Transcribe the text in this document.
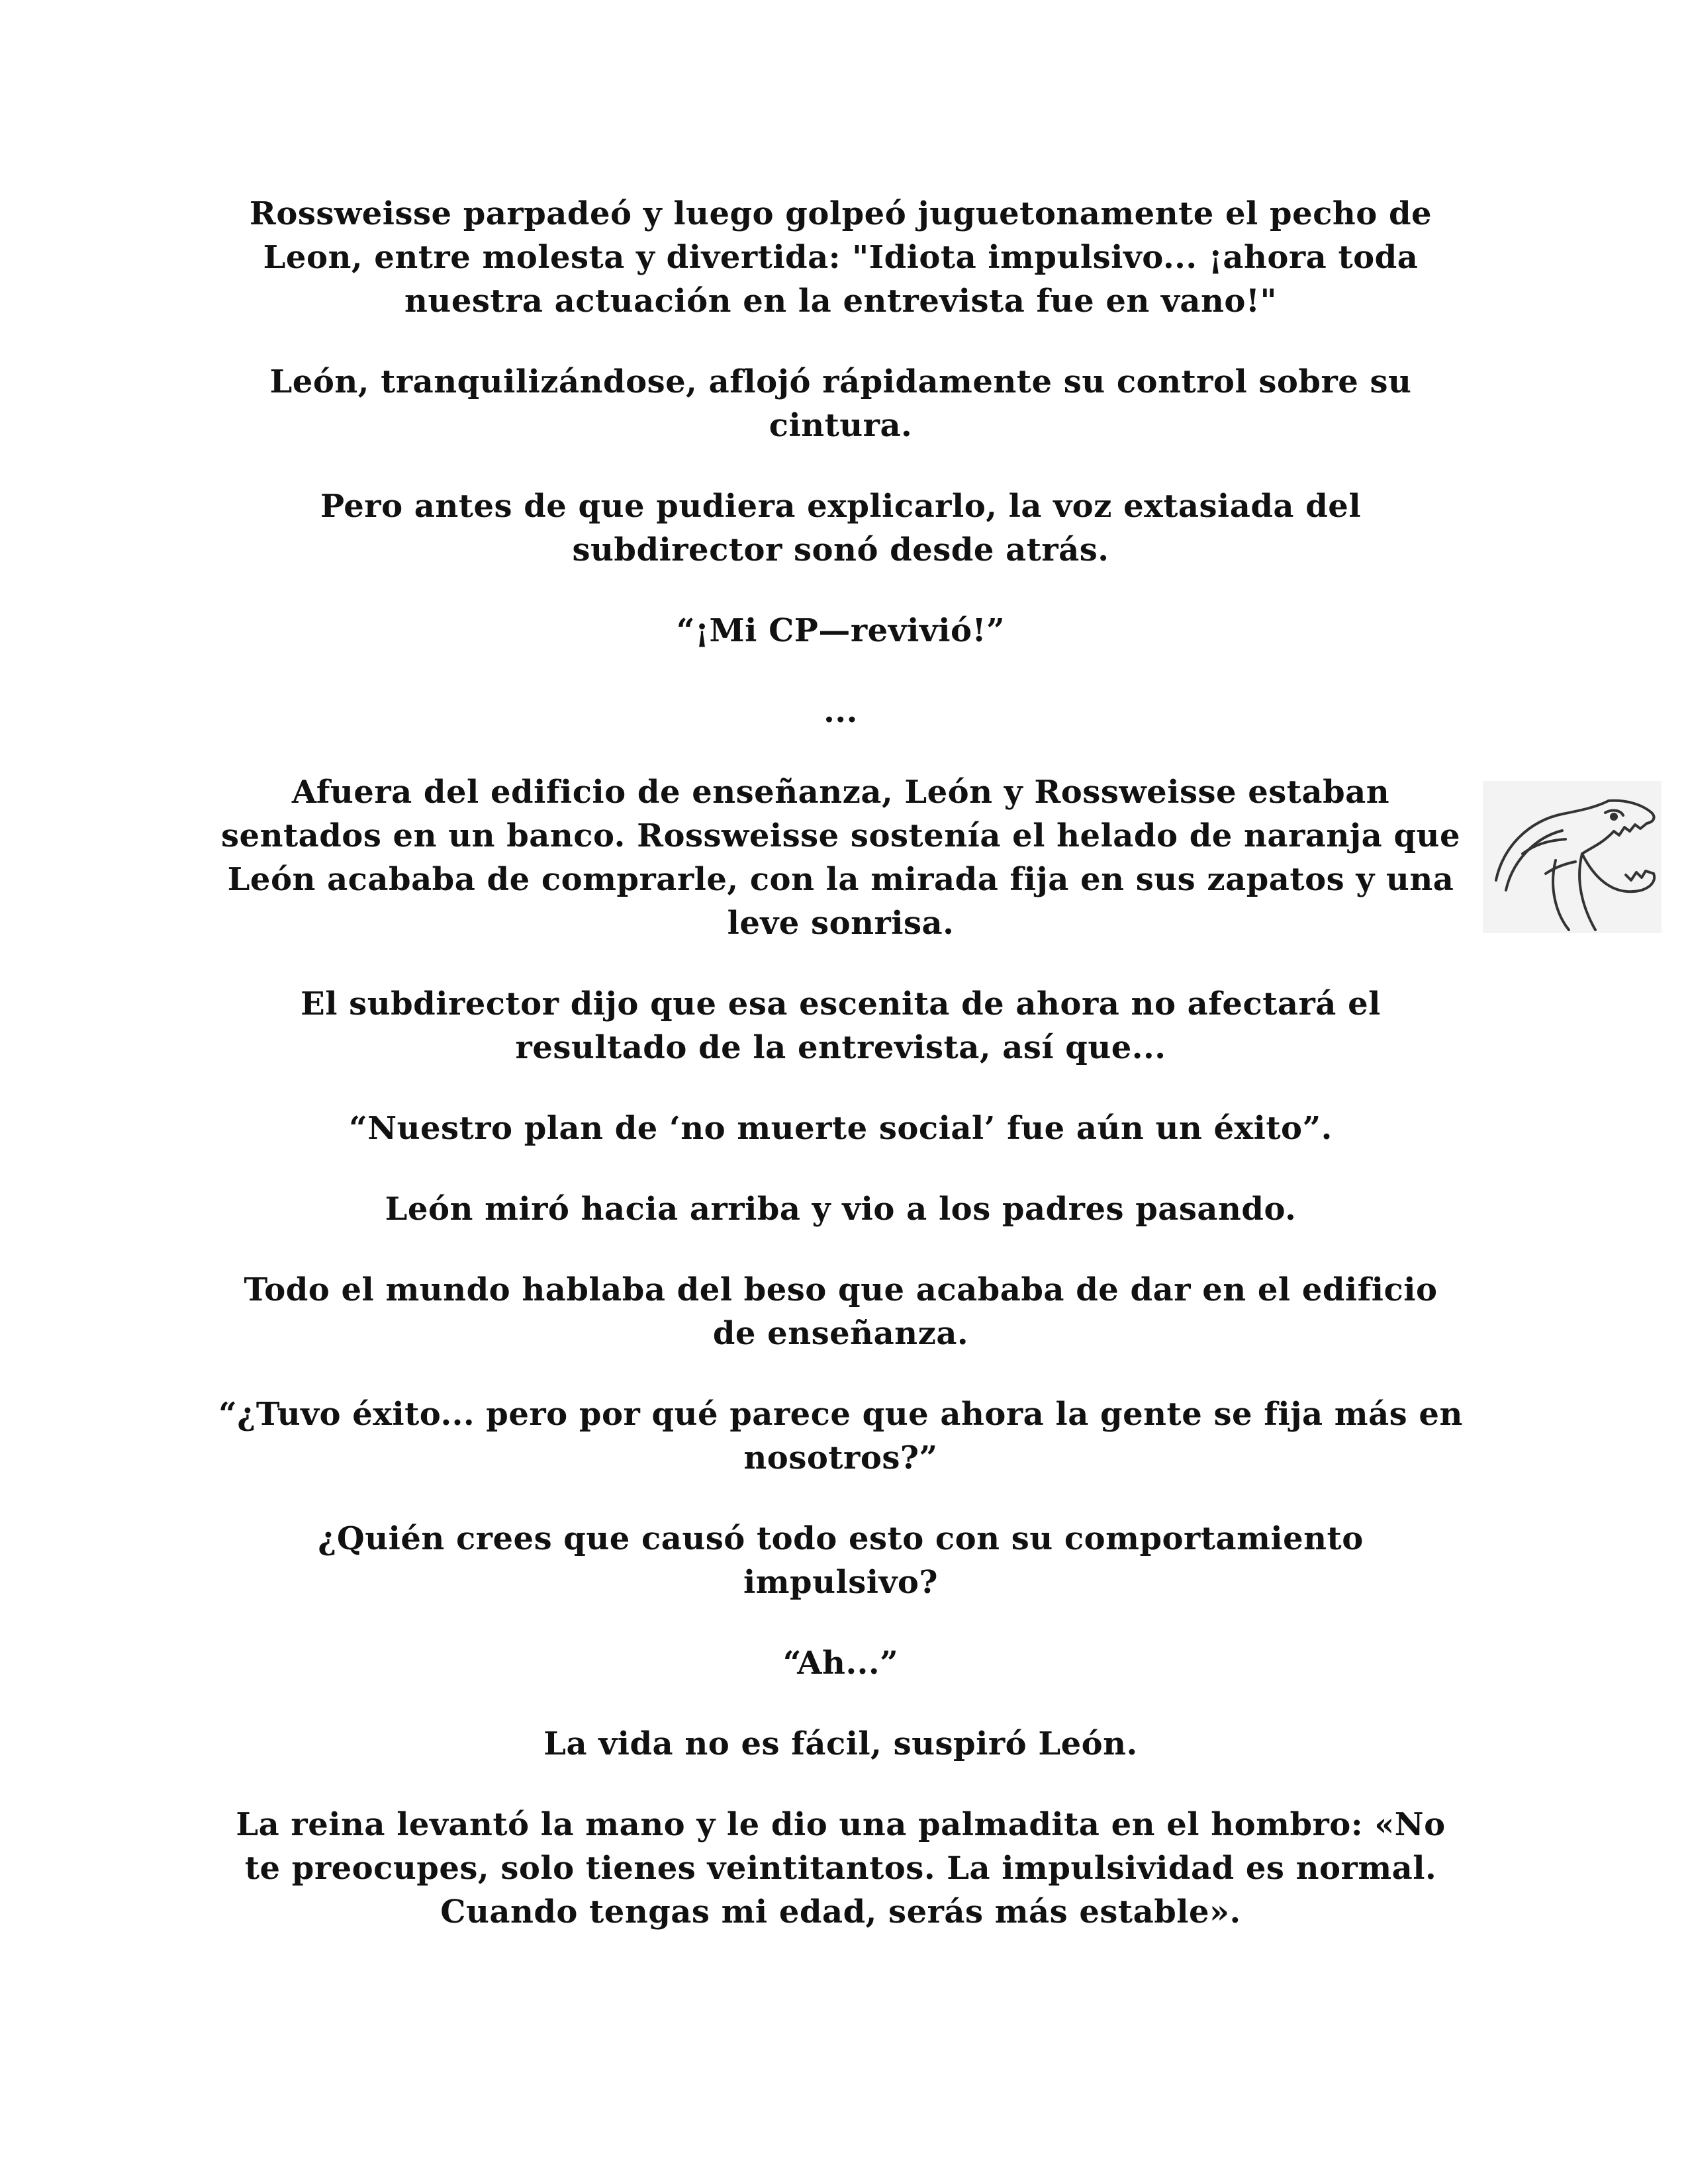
Rossweisse parpadeó y luego golpeó juguetonamente el pecho de Leon, entre molesta y divertida: "Idiota impulsivo... ¡ahora toda nuestra actuación en la entrevista fue en vano!"

León, tranquilizándose, aflojó rápidamente su control sobre su cintura.

Pero antes de que pudiera explicarlo, la voz extasiada del subdirector sonó desde atrás.

“¡Mi CP—revivió!”

...

Afuera del edificio de enseñanza, León y Rossweisse estaban sentados en un banco. Rossweisse sostenía el helado de naranja que León acababa de comprarle, con la mirada fija en sus zapatos y una leve sonrisa.

El subdirector dijo que esa escenita de ahora no afectará el resultado de la entrevista, así que...

“Nuestro plan de ‘no muerte social’ fue aún un éxito”.

León miró hacia arriba y vio a los padres pasando.

Todo el mundo hablaba del beso que acababa de dar en el edificio de enseñanza.

“¿Tuvo éxito... pero por qué parece que ahora la gente se fija más en nosotros?”

¿Quién crees que causó todo esto con su comportamiento impulsivo?

“Ah...”

La vida no es fácil, suspiró León.

La reina levantó la mano y le dio una palmadita en el hombro: «No te preocupes, solo tienes veintitantos. La impulsividad es normal. Cuando tengas mi edad, serás más estable».
